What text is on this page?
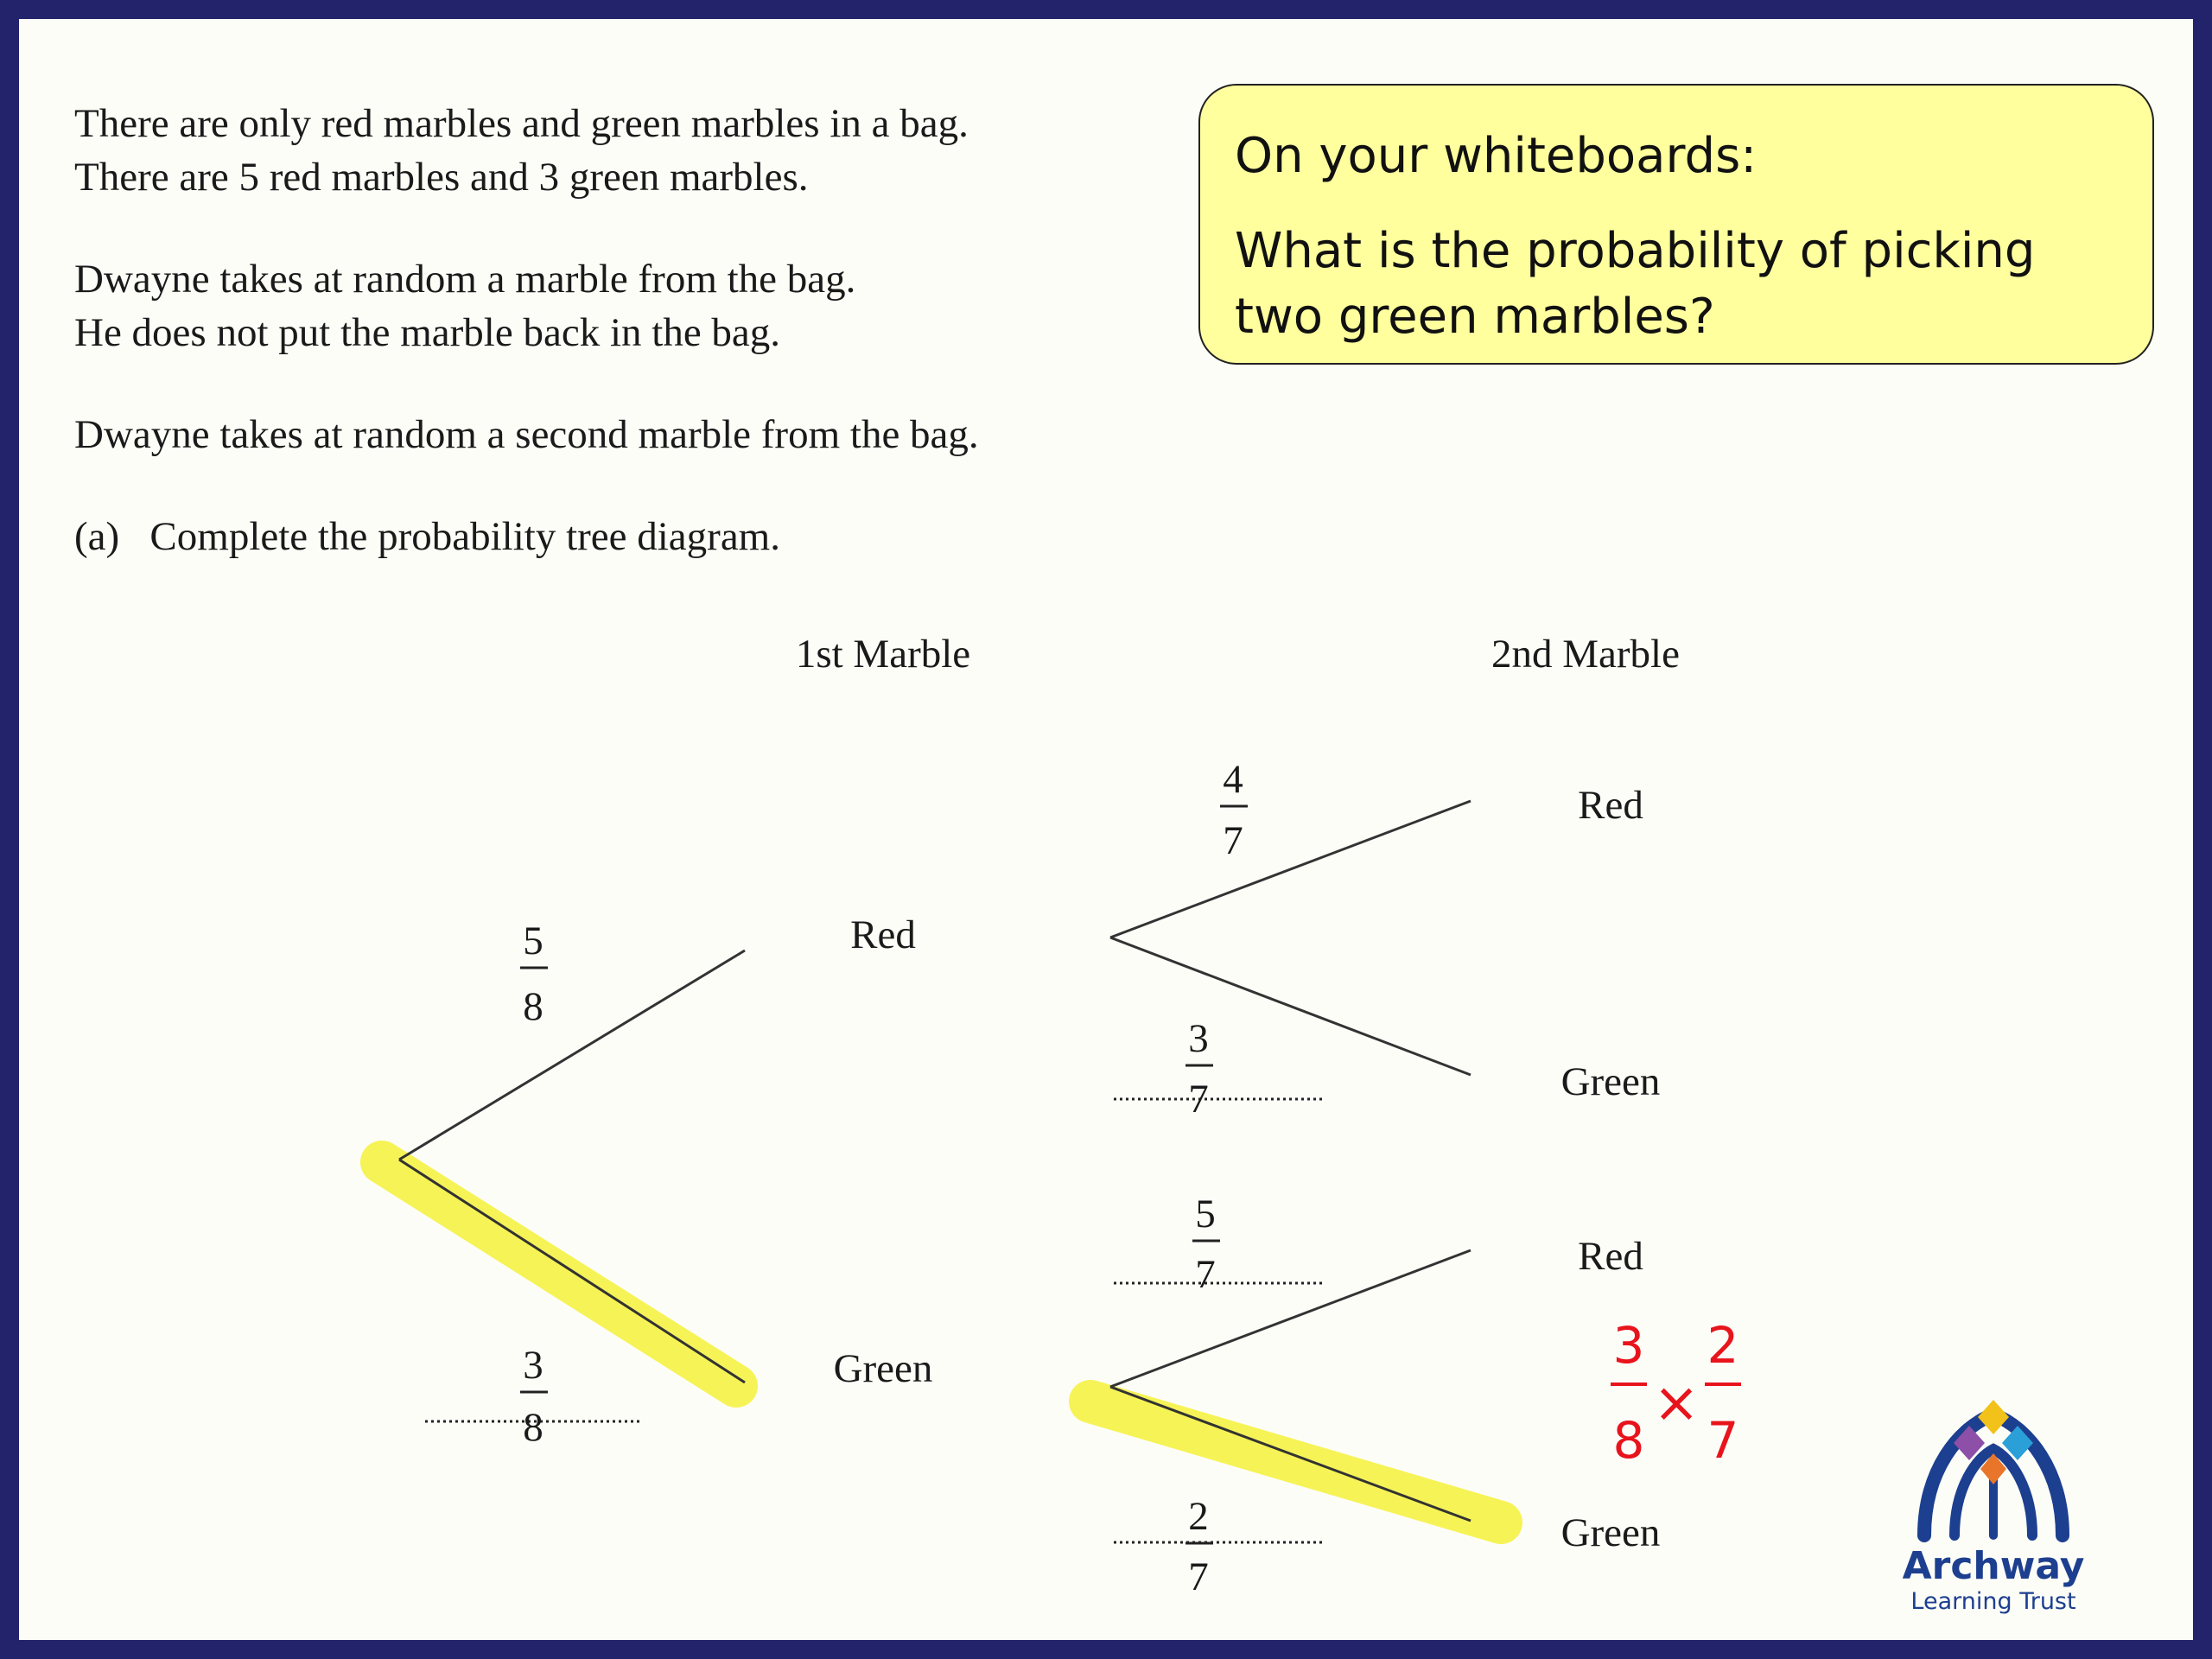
There are only red marbles and green marbles in a bag.
There are 5 red marbles and 3 green marbles.
Dwayne takes at random a marble from the bag.
He does not put the marble back in the bag.
Dwayne takes at random a second marble from the bag.
(a)  Complete the probability tree diagram.
On your whiteboards:
What is the probability of picking two green marbles?
1st Marble	2nd Marble
Red
Green
Red
Green
Red
Green
5
8
3
8
4
7
3
7
5
7
2
7
3
8
×
2
7
Archway
Learning Trust
